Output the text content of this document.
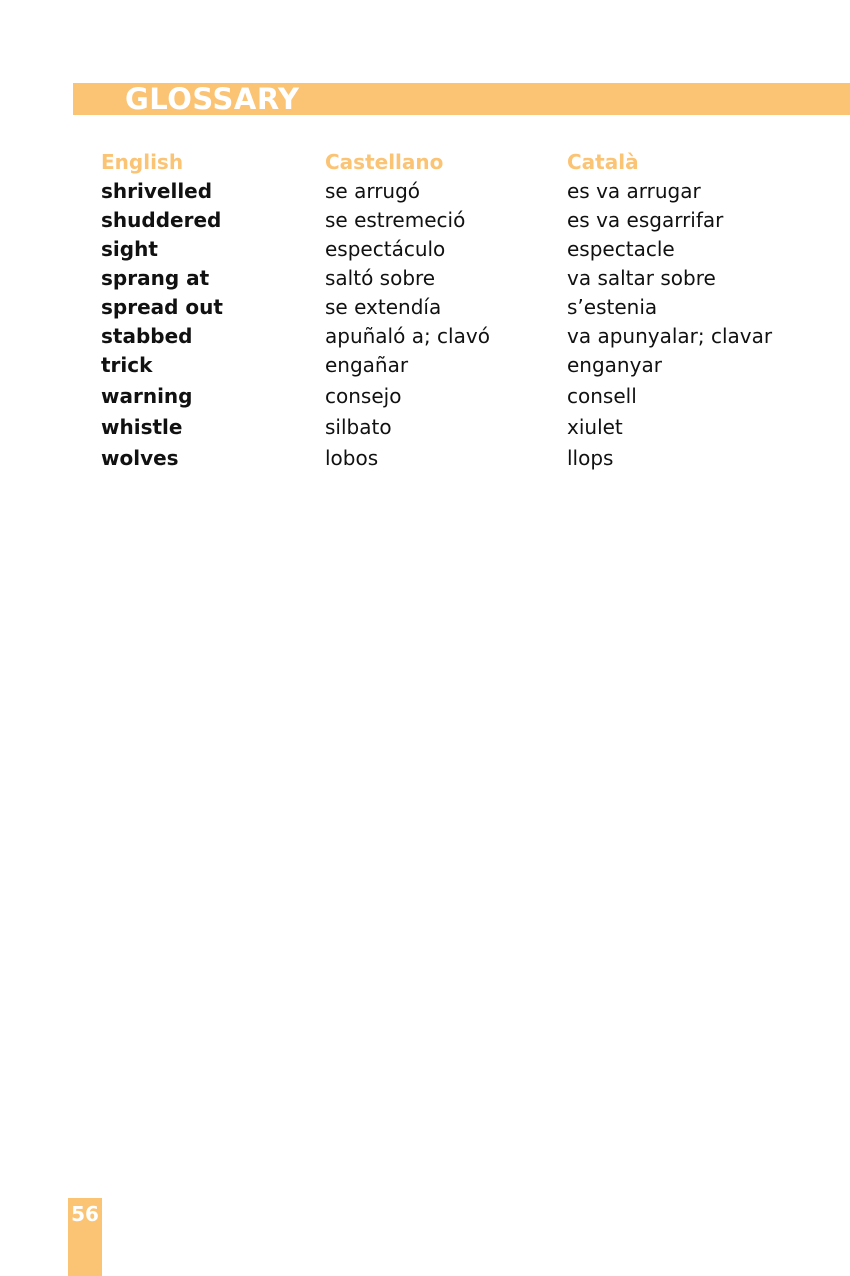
GLOSSARY
English	Castellano	Català
shrivelled	se arrugó	es va arrugar
shuddered	se estremeció	es va esgarrifar
sight	espectáculo	espectacle
sprang at	saltó sobre	va saltar sobre
spread out	se extendía	s’estenia
stabbed	apuñaló a; clavó	va apunyalar; clavar
trick	engañar	enganyar
warning	consejo	consell
whistle	silbato	xiulet
wolves	lobos	llops
56
